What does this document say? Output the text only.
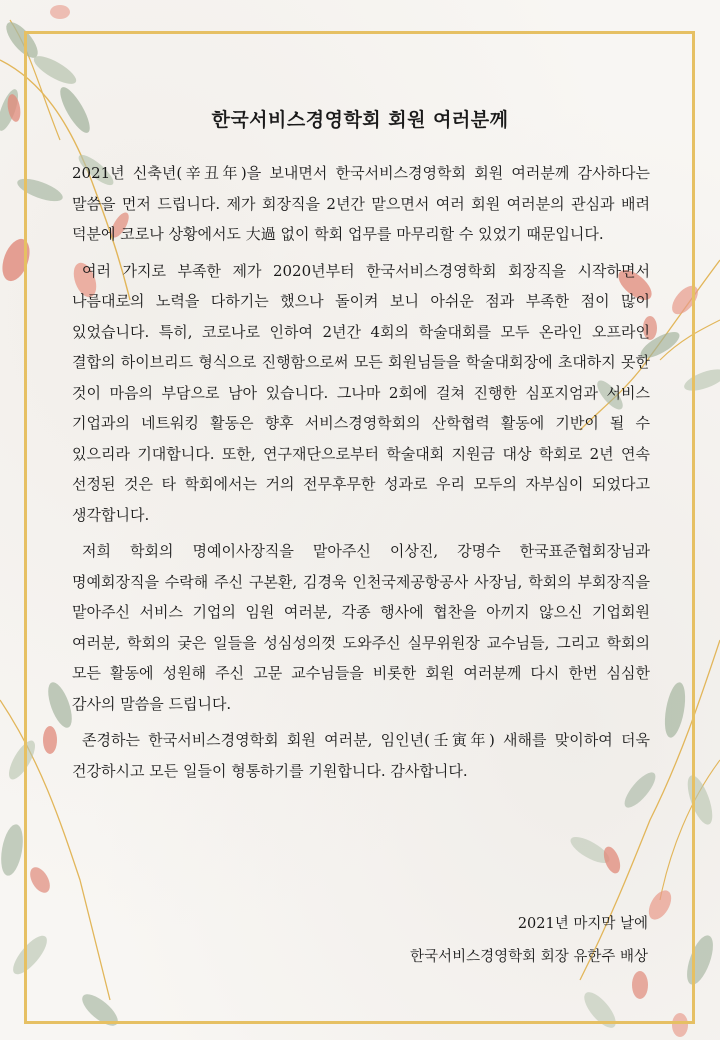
한국서비스경영학회 회원 여러분께

2021년 신축년(辛丑年)을 보내면서 한국서비스경영학회 회원 여러분께 감사하다는 말씀을 먼저 드립니다. 제가 회장직을 2년간 맡으면서 여러 회원 여러분의 관심과 배려 덕분에 코로나 상황에서도 大過 없이 학회 업무를 마무리할 수 있었기 때문입니다.

여러 가지로 부족한 제가 2020년부터 한국서비스경영학회 회장직을 시작하면서 나름대로의 노력을 다하기는 했으나 돌이켜 보니 아쉬운 점과 부족한 점이 많이 있었습니다. 특히, 코로나로 인하여 2년간 4회의 학술대회를 모두 온라인 오프라인 결합의 하이브리드 형식으로 진행함으로써 모든 회원님들을 학술대회장에 초대하지 못한 것이 마음의 부담으로 남아 있습니다. 그나마 2회에 걸쳐 진행한 심포지엄과 서비스 기업과의 네트워킹 활동은 향후 서비스경영학회의 산학협력 활동에 기반이 될 수 있으리라 기대합니다. 또한, 연구재단으로부터 학술대회 지원금 대상 학회로 2년 연속 선정된 것은 타 학회에서는 거의 전무후무한 성과로 우리 모두의 자부심이 되었다고 생각합니다.

저희 학회의 명예이사장직을 맡아주신 이상진, 강명수 한국표준협회장님과 명예회장직을 수락해 주신 구본환, 김경욱 인천국제공항공사 사장님, 학회의 부회장직을 맡아주신 서비스 기업의 임원 여러분, 각종 행사에 협찬을 아끼지 않으신 기업회원 여러분, 학회의 궂은 일들을 성심성의껏 도와주신 실무위원장 교수님들, 그리고 학회의 모든 활동에 성원해 주신 고문 교수님들을 비롯한 회원 여러분께 다시 한번 심심한 감사의 말씀을 드립니다.

존경하는 한국서비스경영학회 회원 여러분, 임인년(壬寅年) 새해를 맞이하여 더욱 건강하시고 모든 일들이 형통하기를 기원합니다. 감사합니다.

2021년 마지막 날에
한국서비스경영학회 회장 유한주 배상
